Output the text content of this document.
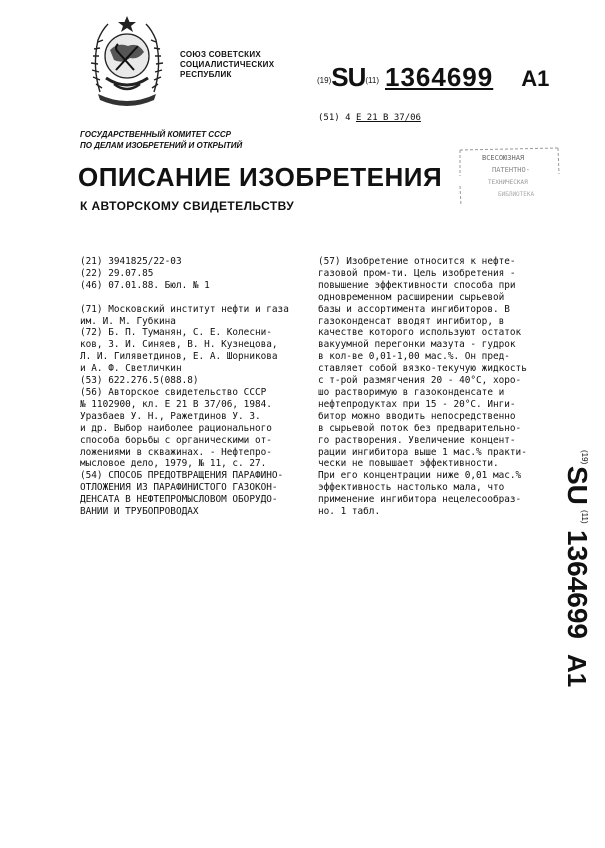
СОЮЗ СОВЕТСКИХ
СОЦИАЛИСТИЧЕСКИХ
РЕСПУБЛИК
(19)SU(11) 1364699 A1
(51) 4 E 21 B 37/06
ГОСУДАРСТВЕННЫЙ КОМИТЕТ СССР
ПО ДЕЛАМ ИЗОБРЕТЕНИЙ И ОТКРЫТИЙ
ВСЕСОЮЗНАЯ
ПАТЕНТНО-
ТЕХНИЧЕСКАЯ
БИБЛИОТЕКА
ОПИСАНИЕ ИЗОБРЕТЕНИЯ
К АВТОРСКОМУ СВИДЕТЕЛЬСТВУ
(21) 3941825/22-03
(22) 29.07.85
(46) 07.01.88. Бюл. № 1

(71) Московский институт нефти и газа
им. И. М. Губкина
(72) Б. П. Туманян, С. Е. Колесни-
ков, З. И. Синяев, В. Н. Кузнецова,
Л. И. Гиляветдинов, Е. А. Шорникова
и А. Ф. Светличкин
(53) 622.276.5(088.8)
(56) Авторское свидетельство СССР
№ 1102900, кл. Е 21 В 37/06, 1984.
Уразбаев У. Н., Ражетдинов У. З.
и др. Выбор наиболее рационального
способа борьбы с органическими от-
ложениями в скважинах. - Нефтепро-
мысловое дело, 1979, № 11, с. 27.
(54) СПОСОБ ПРЕДОТВРАЩЕНИЯ ПАРАФИНО-
ОТЛОЖЕНИЯ ИЗ ПАРАФИНИСТОГО ГАЗОКОН-
ДЕНСАТА В НЕФТЕПРОМЫСЛОВОМ ОБОРУДО-
ВАНИИ И ТРУБОПРОВОДАХ
(57) Изобретение относится к нефте-
газовой пром-ти. Цель изобретения -
повышение эффективности способа при
одновременном расширении сырьевой
базы и ассортимента ингибиторов. В
газоконденсат вводят ингибитор, в
качестве которого используют остаток
вакуумной перегонки мазута - гудрок
в кол-ве 0,01-1,00 мас.%. Он пред-
ставляет собой вязко-текучую жидкость
с т-рой размягчения 20 - 40°С, хоро-
шо растворимую в газоконденсате и
нефтепродуктах при 15 - 20°С. Инги-
битор можно вводить непосредственно
в сырьевой поток без предварительно-
го растворения. Увеличение концент-
рации ингибитора выше 1 мас.% практи-
чески не повышает эффективности.
При его концентрации ниже 0,01 мас.%
эффективность настолько мала, что
применение ингибитора нецелесообраз-
но. 1 табл.
(19)
SU
(11)
1364699
A1
